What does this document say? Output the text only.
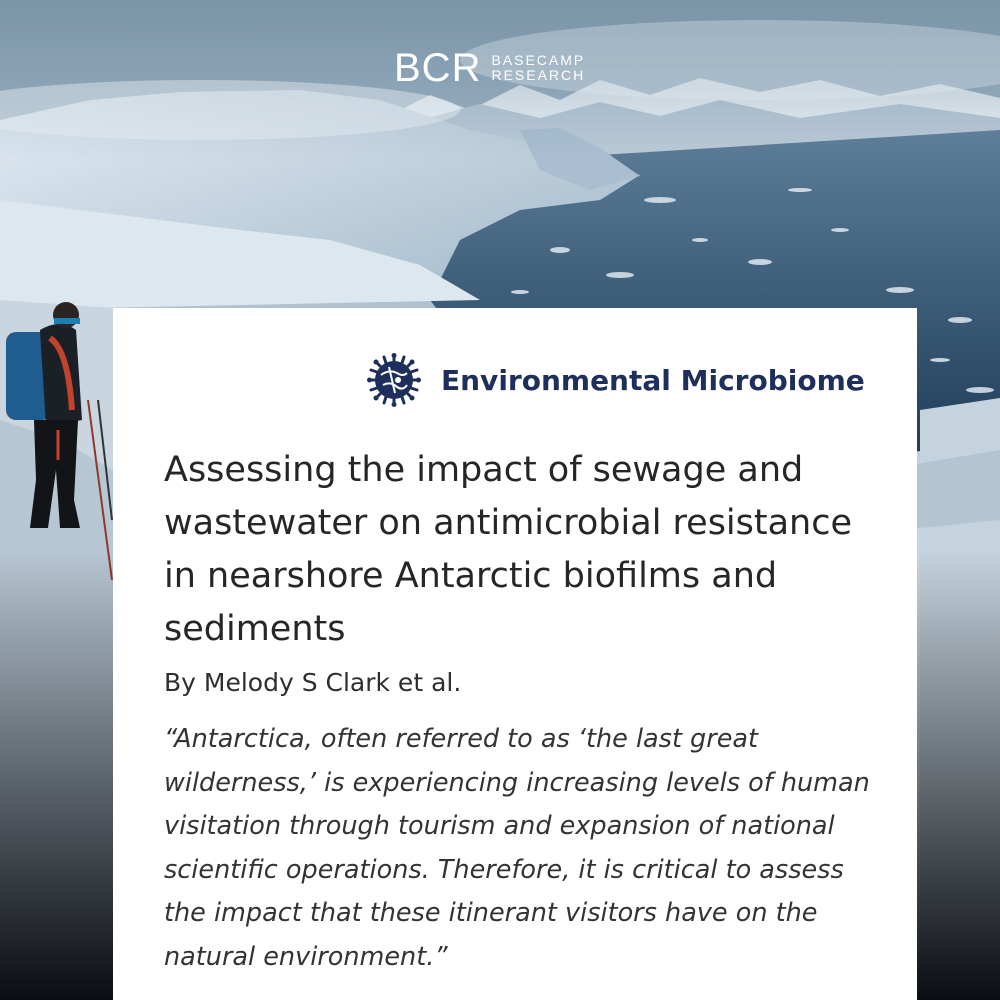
BCR BASECAMP
RESEARCH
Environmental Microbiome
Assessing the impact of sewage and wastewater on antimicrobial resistance in nearshore Antarctic biofilms and sediments

By Melody S Clark et al.

“Antarctica, often referred to as ‘the last great wilderness,’ is experiencing increasing levels of human visitation through tourism and expansion of national scientific operations. Therefore, it is critical to assess the impact that these itinerant visitors have on the natural environment.”
